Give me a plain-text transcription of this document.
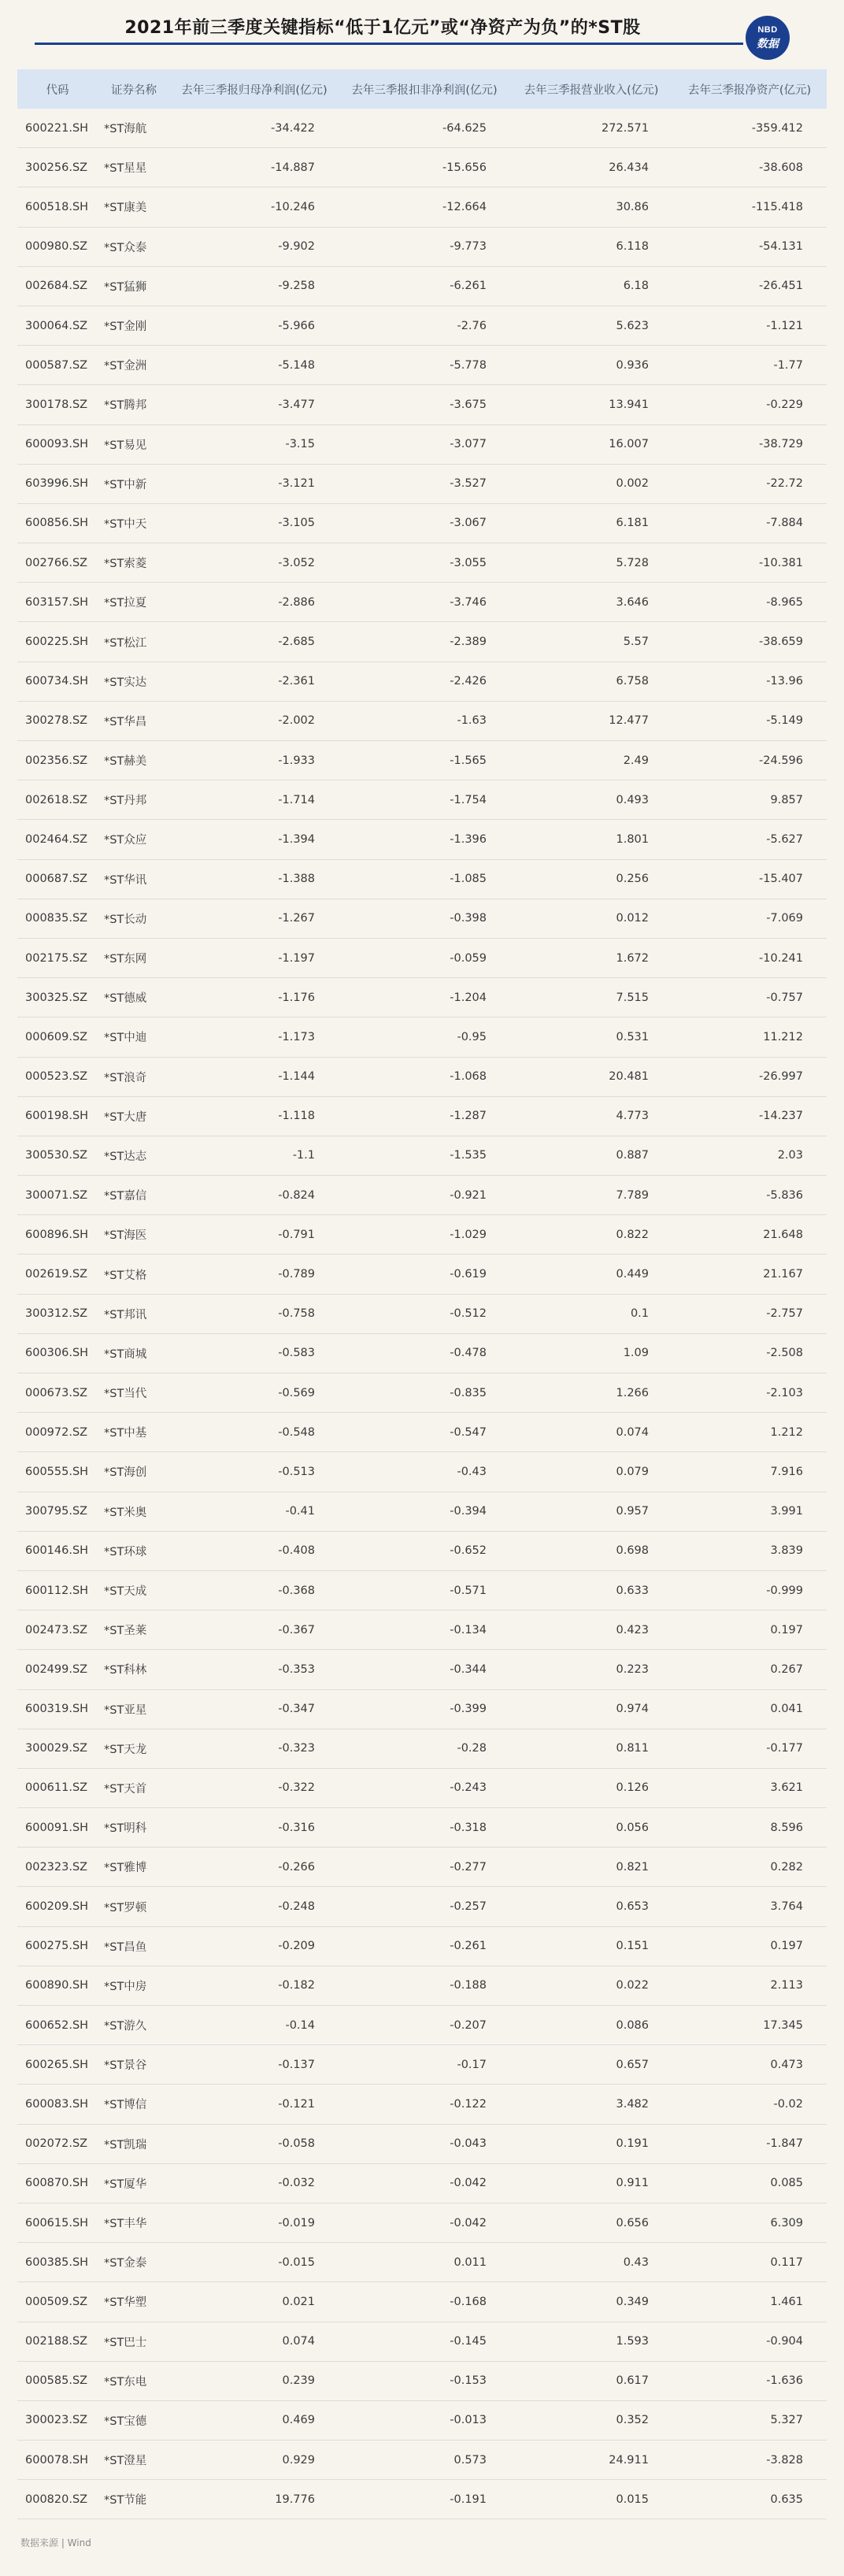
2021年前三季度关键指标“低于1亿元”或“净资产为负”的*ST股	NBD
数据
代码	证券名称	去年三季报归母净利润(亿元)	去年三季报扣非净利润(亿元)	去年三季报营业收入(亿元)	去年三季报净资产(亿元)
600221.SH	*ST海航	-34.422	-64.625	272.571	-359.412
300256.SZ	*ST星星	-14.887	-15.656	26.434	-38.608
600518.SH	*ST康美	-10.246	-12.664	30.86	-115.418
000980.SZ	*ST众泰	-9.902	-9.773	6.118	-54.131
002684.SZ	*ST猛狮	-9.258	-6.261	6.18	-26.451
300064.SZ	*ST金刚	-5.966	-2.76	5.623	-1.121
000587.SZ	*ST金洲	-5.148	-5.778	0.936	-1.77
300178.SZ	*ST腾邦	-3.477	-3.675	13.941	-0.229
600093.SH	*ST易见	-3.15	-3.077	16.007	-38.729
603996.SH	*ST中新	-3.121	-3.527	0.002	-22.72
600856.SH	*ST中天	-3.105	-3.067	6.181	-7.884
002766.SZ	*ST索菱	-3.052	-3.055	5.728	-10.381
603157.SH	*ST拉夏	-2.886	-3.746	3.646	-8.965
600225.SH	*ST松江	-2.685	-2.389	5.57	-38.659
600734.SH	*ST实达	-2.361	-2.426	6.758	-13.96
300278.SZ	*ST华昌	-2.002	-1.63	12.477	-5.149
002356.SZ	*ST赫美	-1.933	-1.565	2.49	-24.596
002618.SZ	*ST丹邦	-1.714	-1.754	0.493	9.857
002464.SZ	*ST众应	-1.394	-1.396	1.801	-5.627
000687.SZ	*ST华讯	-1.388	-1.085	0.256	-15.407
000835.SZ	*ST长动	-1.267	-0.398	0.012	-7.069
002175.SZ	*ST东网	-1.197	-0.059	1.672	-10.241
300325.SZ	*ST德威	-1.176	-1.204	7.515	-0.757
000609.SZ	*ST中迪	-1.173	-0.95	0.531	11.212
000523.SZ	*ST浪奇	-1.144	-1.068	20.481	-26.997
600198.SH	*ST大唐	-1.118	-1.287	4.773	-14.237
300530.SZ	*ST达志	-1.1	-1.535	0.887	2.03
300071.SZ	*ST嘉信	-0.824	-0.921	7.789	-5.836
600896.SH	*ST海医	-0.791	-1.029	0.822	21.648
002619.SZ	*ST艾格	-0.789	-0.619	0.449	21.167
300312.SZ	*ST邦讯	-0.758	-0.512	0.1	-2.757
600306.SH	*ST商城	-0.583	-0.478	1.09	-2.508
000673.SZ	*ST当代	-0.569	-0.835	1.266	-2.103
000972.SZ	*ST中基	-0.548	-0.547	0.074	1.212
600555.SH	*ST海创	-0.513	-0.43	0.079	7.916
300795.SZ	*ST米奥	-0.41	-0.394	0.957	3.991
600146.SH	*ST环球	-0.408	-0.652	0.698	3.839
600112.SH	*ST天成	-0.368	-0.571	0.633	-0.999
002473.SZ	*ST圣莱	-0.367	-0.134	0.423	0.197
002499.SZ	*ST科林	-0.353	-0.344	0.223	0.267
600319.SH	*ST亚星	-0.347	-0.399	0.974	0.041
300029.SZ	*ST天龙	-0.323	-0.28	0.811	-0.177
000611.SZ	*ST天首	-0.322	-0.243	0.126	3.621
600091.SH	*ST明科	-0.316	-0.318	0.056	8.596
002323.SZ	*ST雅博	-0.266	-0.277	0.821	0.282
600209.SH	*ST罗顿	-0.248	-0.257	0.653	3.764
600275.SH	*ST昌鱼	-0.209	-0.261	0.151	0.197
600890.SH	*ST中房	-0.182	-0.188	0.022	2.113
600652.SH	*ST游久	-0.14	-0.207	0.086	17.345
600265.SH	*ST景谷	-0.137	-0.17	0.657	0.473
600083.SH	*ST博信	-0.121	-0.122	3.482	-0.02
002072.SZ	*ST凯瑞	-0.058	-0.043	0.191	-1.847
600870.SH	*ST厦华	-0.032	-0.042	0.911	0.085
600615.SH	*ST丰华	-0.019	-0.042	0.656	6.309
600385.SH	*ST金泰	-0.015	0.011	0.43	0.117
000509.SZ	*ST华塑	0.021	-0.168	0.349	1.461
002188.SZ	*ST巴士	0.074	-0.145	1.593	-0.904
000585.SZ	*ST东电	0.239	-0.153	0.617	-1.636
300023.SZ	*ST宝德	0.469	-0.013	0.352	5.327
600078.SH	*ST澄星	0.929	0.573	24.911	-3.828
000820.SZ	*ST节能	19.776	-0.191	0.015	0.635
数据来源 | Wind
